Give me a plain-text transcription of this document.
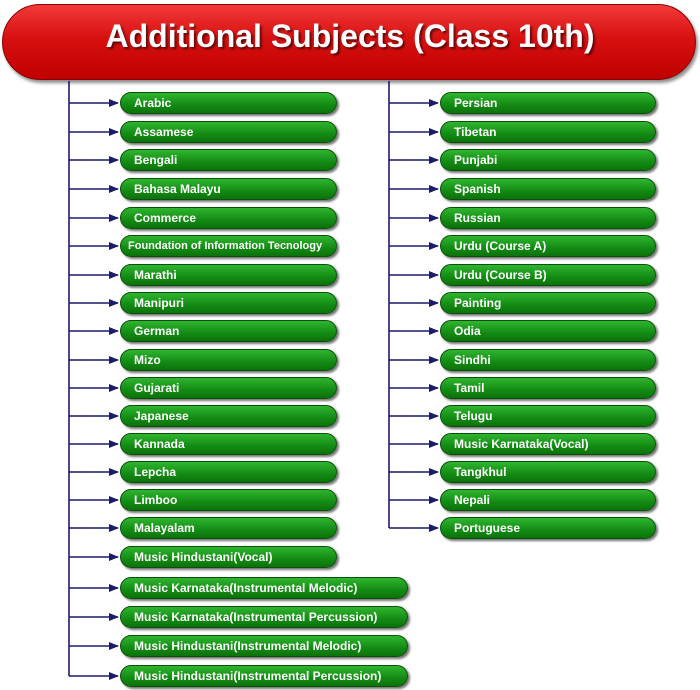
Additional Subjects (Class 10th)
Arabic
Assamese
Bengali
Bahasa Malayu
Commerce
Foundation of Information Tecnology
Marathi
Manipuri
German
Mizo
Gujarati
Japanese
Kannada
Lepcha
Limboo
Malayalam
Music Hindustani(Vocal)
Music Karnataka(Instrumental Melodic)
Music Karnataka(Instrumental Percussion)
Music Hindustani(Instrumental Melodic)
Music Hindustani(Instrumental Percussion)
Persian
Tibetan
Punjabi
Spanish
Russian
Urdu (Course A)
Urdu (Course B)
Painting
Odia
Sindhi
Tamil
Telugu
Music Karnataka(Vocal)
Tangkhul
Nepali
Portuguese
